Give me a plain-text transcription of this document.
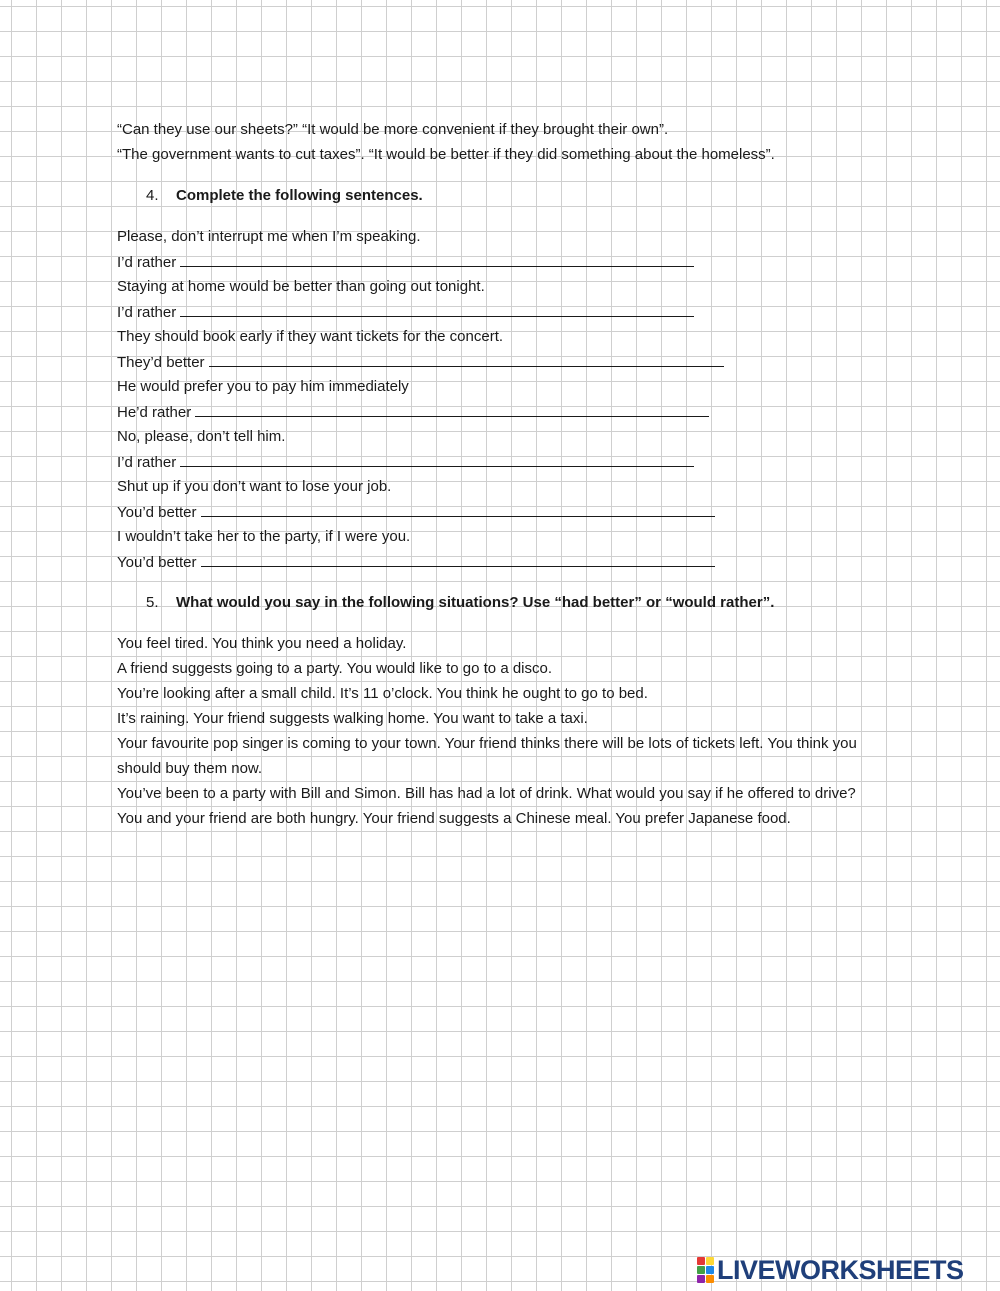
“Can they use our sheets?” “It would be more convenient if they brought their own”.
“The government wants to cut taxes”. “It would be better if they did something about the homeless”.
4. Complete the following sentences.
Please, don’t interrupt me when I’m speaking.
I’d rather
Staying at home would be better than going out tonight.
I’d rather
They should book early if they want tickets for the concert.
They’d better
He would prefer you to pay him immediately
He’d rather
No, please, don’t tell him.
I’d rather
Shut up if you don’t want to lose your job.
You’d better
I wouldn’t take her to the party, if I were you.
You’d better
5. What would you say in the following situations? Use “had better” or “would rather”.
You feel tired. You think you need a holiday.
A friend suggests going to a party. You would like to go to a disco.
You’re looking after a small child. It’s 11 o’clock. You think he ought to go to bed.
It’s raining. Your friend suggests walking home. You want to take a taxi.
Your favourite pop singer is coming to your town. Your friend thinks there will be lots of tickets left. You think you should buy them now.
You’ve been to a party with Bill and Simon. Bill has had a lot of drink. What would you say if he offered to drive?
You and your friend are both hungry. Your friend suggests a Chinese meal. You prefer Japanese food.
LIVEWORKSHEETS
